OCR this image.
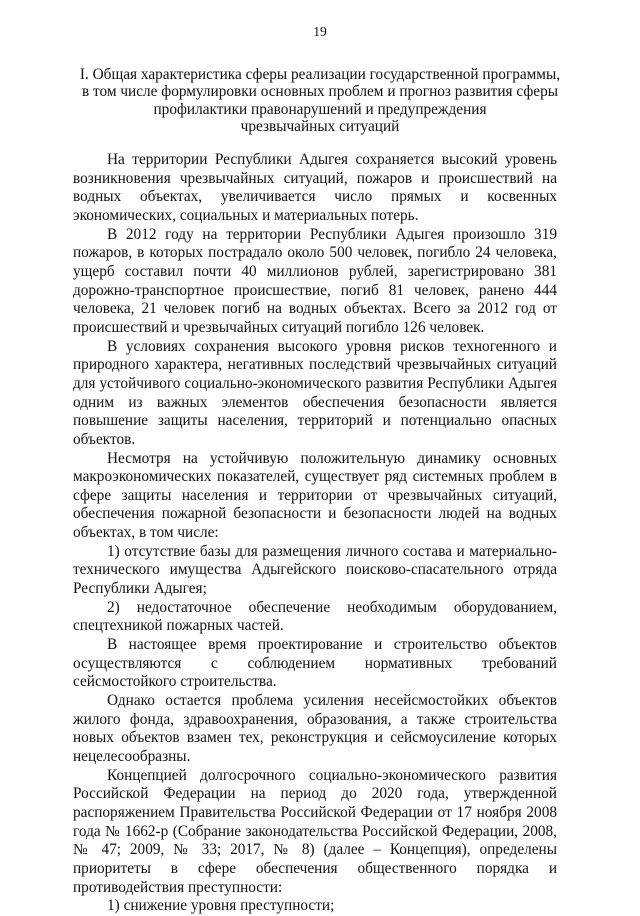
19
I. Общая характеристика сферы реализации государственной программы,
в том числе формулировки основных проблем и прогноз развития сферы
профилактики правонарушений и предупреждения
чрезвычайных ситуаций

На территории Республики Адыгея сохраняется высокий уровень возникновения чрезвычайных ситуаций, пожаров и происшествий на водных объектах, увеличивается число прямых и косвенных экономических, социальных и материальных потерь.

В 2012 году на территории Республики Адыгея произошло 319 пожаров, в которых пострадало около 500 человек, погибло 24 человека, ущерб составил почти 40 миллионов рублей, зарегистрировано 381 дорожно-транспортное происшествие, погиб 81 человек, ранено 444 человека, 21 человек погиб на водных объектах. Всего за 2012 год от происшествий и чрезвычайных ситуаций погибло 126 человек.

В условиях сохранения высокого уровня рисков техногенного и природного характера, негативных последствий чрезвычайных ситуаций для устойчивого социально-экономического развития Республики Адыгея одним из важных элементов обеспечения безопасности является повышение защиты населения, территорий и потенциально опасных объектов.

Несмотря на устойчивую положительную динамику основных макроэкономических показателей, существует ряд системных проблем в сфере защиты населения и территории от чрезвычайных ситуаций, обеспечения пожарной безопасности и безопасности людей на водных объектах, в том числе:

1) отсутствие базы для размещения личного состава и материально-технического имущества Адыгейского поисково-спасательного отряда Республики Адыгея;

2) недостаточное обеспечение необходимым оборудованием, спецтехникой пожарных частей.

В настоящее время проектирование и строительство объектов осуществляются с соблюдением нормативных требований сейсмостойкого строительства.

Однако остается проблема усиления несейсмостойких объектов жилого фонда, здравоохранения, образования, а также строительства новых объектов взамен тех, реконструкция и сейсмоусиление которых нецелесообразны.

Концепцией долгосрочного социально-экономического развития Российской Федерации на период до 2020 года, утвержденной распоряжением Правительства Российской Федерации от 17 ноября 2008 года № 1662-р (Собрание законодательства Российской Федерации, 2008, № 47; 2009, № 33; 2017, № 8) (далее – Концепция), определены приоритеты в сфере обеспечения общественного порядка и противодействия преступности:

1) снижение уровня преступности;
